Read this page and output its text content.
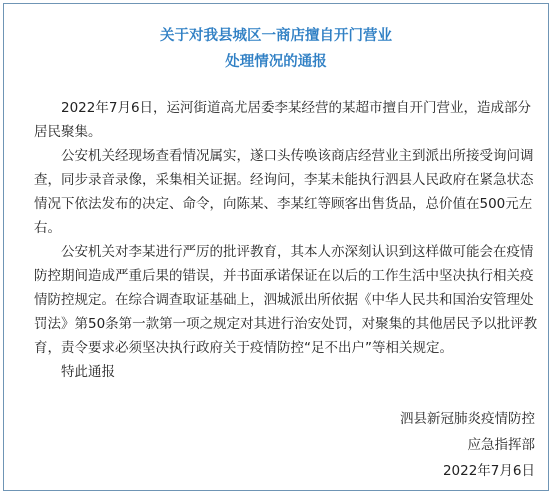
关于对我县城区一商店擅自开门营业
处理情况的通报

2022年7月6日，运河街道高尤居委李某经营的某超市擅自开门营业，造成部分居民聚集。

公安机关经现场查看情况属实，遂口头传唤该商店经营业主到派出所接受询问调查，同步录音录像，采集相关证据。经询问，李某未能执行泗县人民政府在紧急状态情况下依法发布的决定、命令，向陈某、李某红等顾客出售货品，总价值在500元左右。

公安机关对李某进行严厉的批评教育，其本人亦深刻认识到这样做可能会在疫情防控期间造成严重后果的错误，并书面承诺保证在以后的工作生活中坚决执行相关疫情防控规定。在综合调查取证基础上，泗城派出所依据《中华人民共和国治安管理处罚法》第50条第一款第一项之规定对其进行治安处罚，对聚集的其他居民予以批评教育，责令要求必须坚决执行政府关于疫情防控“足不出户”等相关规定。

特此通报

泗县新冠肺炎疫情防控
应急指挥部
2022年7月6日
